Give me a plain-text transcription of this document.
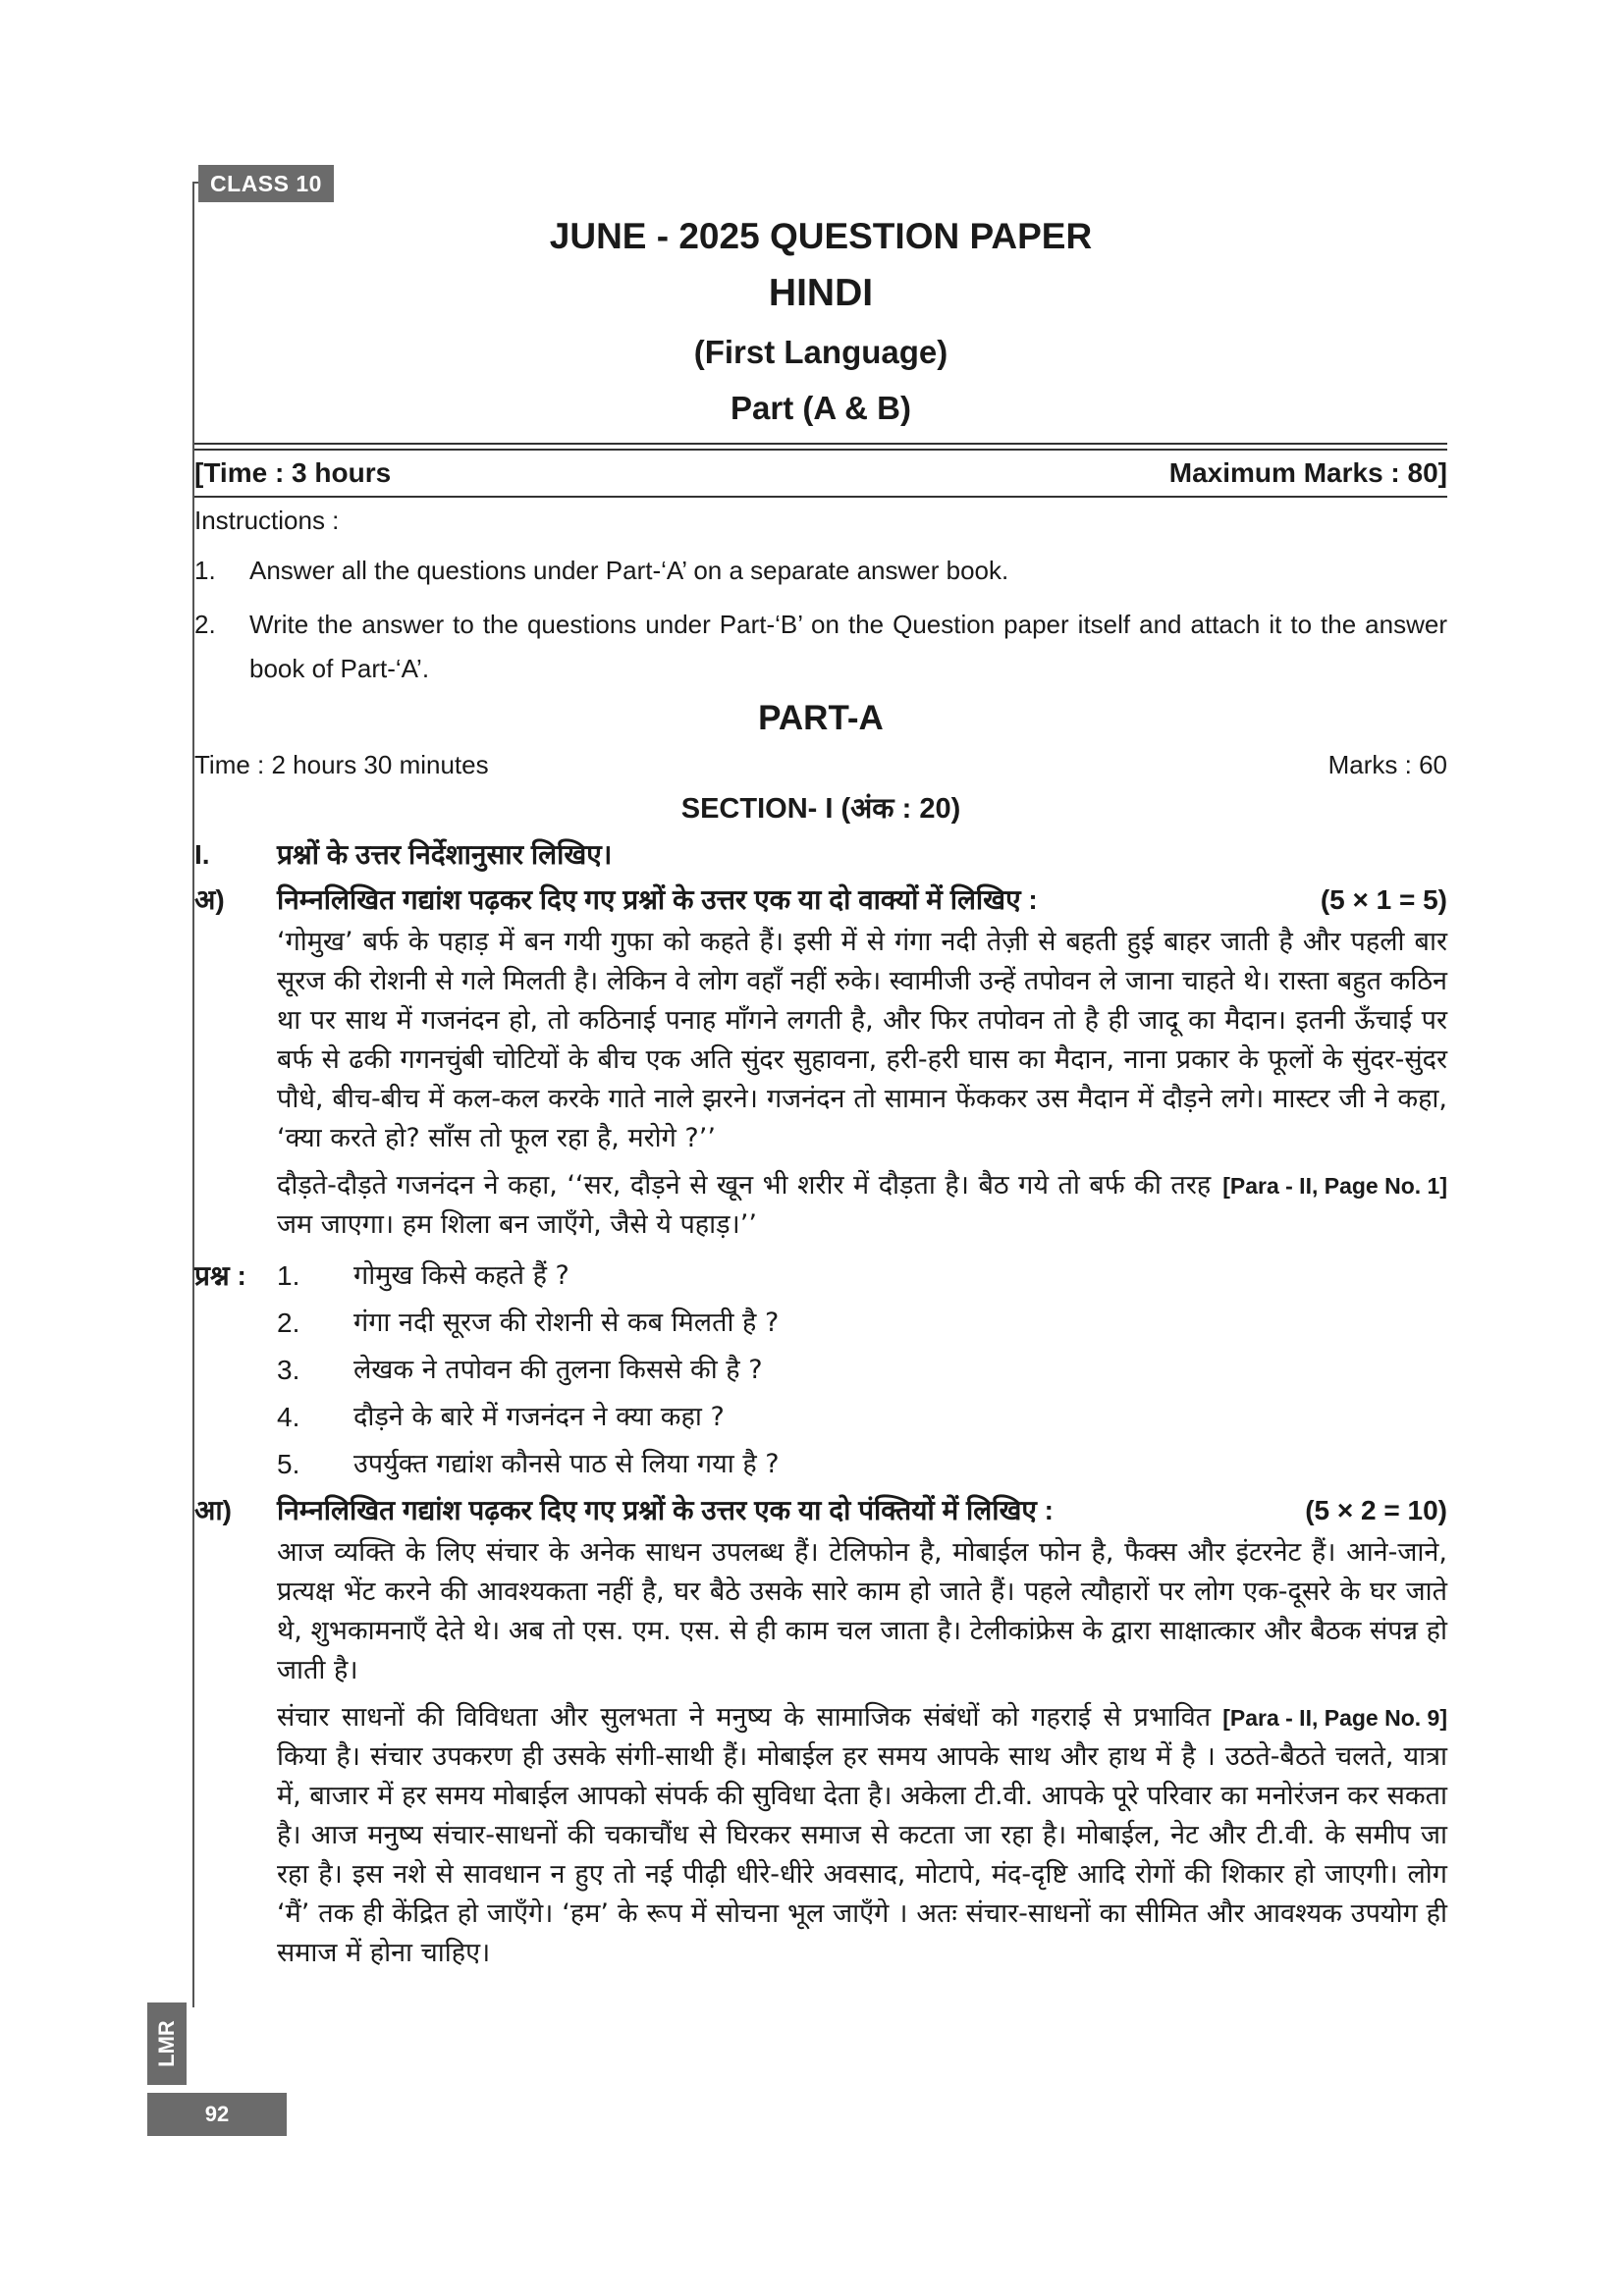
CLASS 10
LMR
92
JUNE - 2025 QUESTION PAPER
HINDI
(First Language)
Part (A & B)
[Time : 3 hours	Maximum Marks : 80]
Instructions :
1.	Answer all the questions under Part-‘A’ on a separate answer book.
2.	Write the answer to the questions under Part-‘B’ on the Question paper itself and attach it to the answer book of Part-‘A’.
PART-A
Time : 2 hours 30 minutes	Marks : 60
SECTION- I (अंक : 20)
I.	प्रश्नों के उत्तर निर्देशानुसार लिखिए।
अ)	निम्नलिखित गद्यांश पढ़कर दिए गए प्रश्नों के उत्तर एक या दो वाक्यों में लिखिए :	(5 × 1 = 5)

‘गोमुख’ बर्फ के पहाड़ में बन गयी गुफा को कहते हैं। इसी में से गंगा नदी तेज़ी से बहती हुई बाहर जाती है और पहली बार सूरज की रोशनी से गले मिलती है। लेकिन वे लोग वहाँ नहीं रुके। स्वामीजी उन्हें तपोवन ले जाना चाहते थे। रास्ता बहुत कठिन था पर साथ में गजनंदन हो, तो कठिनाई पनाह माँगने लगती है, और फिर तपोवन तो है ही जादू का मैदान। इतनी ऊँचाई पर बर्फ से ढकी गगनचुंबी चोटियों के बीच एक अति सुंदर सुहावना, हरी-हरी घास का मैदान, नाना प्रकार के फूलों के सुंदर-सुंदर पौधे, बीच-बीच में कल-कल करके गाते नाले झरने। गजनंदन तो सामान फेंककर उस मैदान में दौड़ने लगे। मास्टर जी ने कहा, ‘क्या करते हो? साँस तो फूल रहा है, मरोगे ?’’

[Para - II, Page No. 1]
दौड़ते-दौड़ते गजनंदन ने कहा, ‘‘सर, दौड़ने से खून भी शरीर में दौड़ता है। बैठ गये तो बर्फ की तरह जम जाएगा। हम शिला बन जाएँगे, जैसे ये पहाड़।’’

प्रश्न :	1.	गोमुख किसे कहते हैं ?
2.	गंगा नदी सूरज की रोशनी से कब मिलती है ?
3.	लेखक ने तपोवन की तुलना किससे की है ?
4.	दौड़ने के बारे में गजनंदन ने क्या कहा ?
5.	उपर्युक्त गद्यांश कौनसे पाठ से लिया गया है ?
आ)	निम्नलिखित गद्यांश पढ़कर दिए गए प्रश्नों के उत्तर एक या दो पंक्तियों में लिखिए :	(5 × 2 = 10)

आज व्यक्ति के लिए संचार के अनेक साधन उपलब्ध हैं। टेलिफोन है, मोबाईल फोन है, फैक्स और इंटरनेट हैं। आने-जाने, प्रत्यक्ष भेंट करने की आवश्यकता नहीं है, घर बैठे उसके सारे काम हो जाते हैं। पहले त्यौहारों पर लोग एक-दूसरे के घर जाते थे, शुभकामनाएँ देते थे। अब तो एस. एम. एस. से ही काम चल जाता है। टेलीकांफ्रेस के द्वारा साक्षात्कार और बैठक संपन्न हो जाती है।

[Para - II, Page No. 9]
संचार साधनों की विविधता और सुलभता ने मनुष्य के सामाजिक संबंधों को गहराई से प्रभावित किया है। संचार उपकरण ही उसके संगी-साथी हैं। मोबाईल हर समय आपके साथ और हाथ में है । उठते-बैठते चलते, यात्रा में, बाजार में हर समय मोबाईल आपको संपर्क की सुविधा देता है। अकेला टी.वी. आपके पूरे परिवार का मनोरंजन कर सकता है। आज मनुष्य संचार-साधनों की चकाचौंध से घिरकर समाज से कटता जा रहा है। मोबाईल, नेट और टी.वी. के समीप जा रहा है। इस नशे से सावधान न हुए तो नई पीढ़ी धीरे-धीरे अवसाद, मोटापे, मंद-दृष्टि आदि रोगों की शिकार हो जाएगी। लोग ‘मैं’ तक ही केंद्रित हो जाएँगे। ‘हम’ के रूप में सोचना भूल जाएँगे । अतः संचार-साधनों का सीमित और आवश्यक उपयोग ही समाज में होना चाहिए।
